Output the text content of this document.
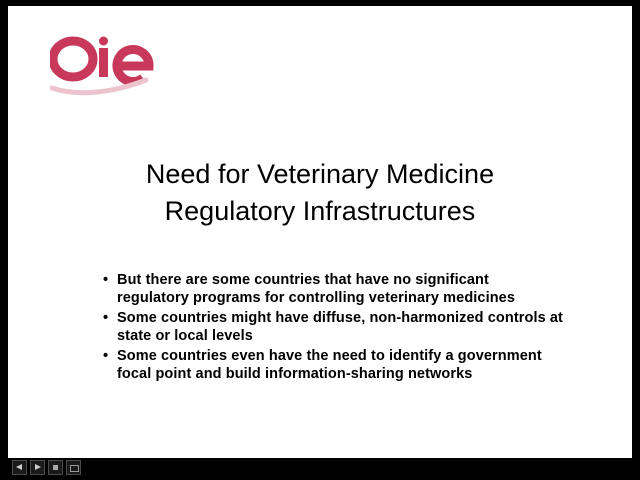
Need for Veterinary Medicine
Regulatory Infrastructures
• But there are some countries that have no significant regulatory programs for controlling veterinary medicines
• Some countries might have diffuse, non-harmonized controls at state or local levels
• Some countries even have the need to identify a government focal point and build information-sharing networks
